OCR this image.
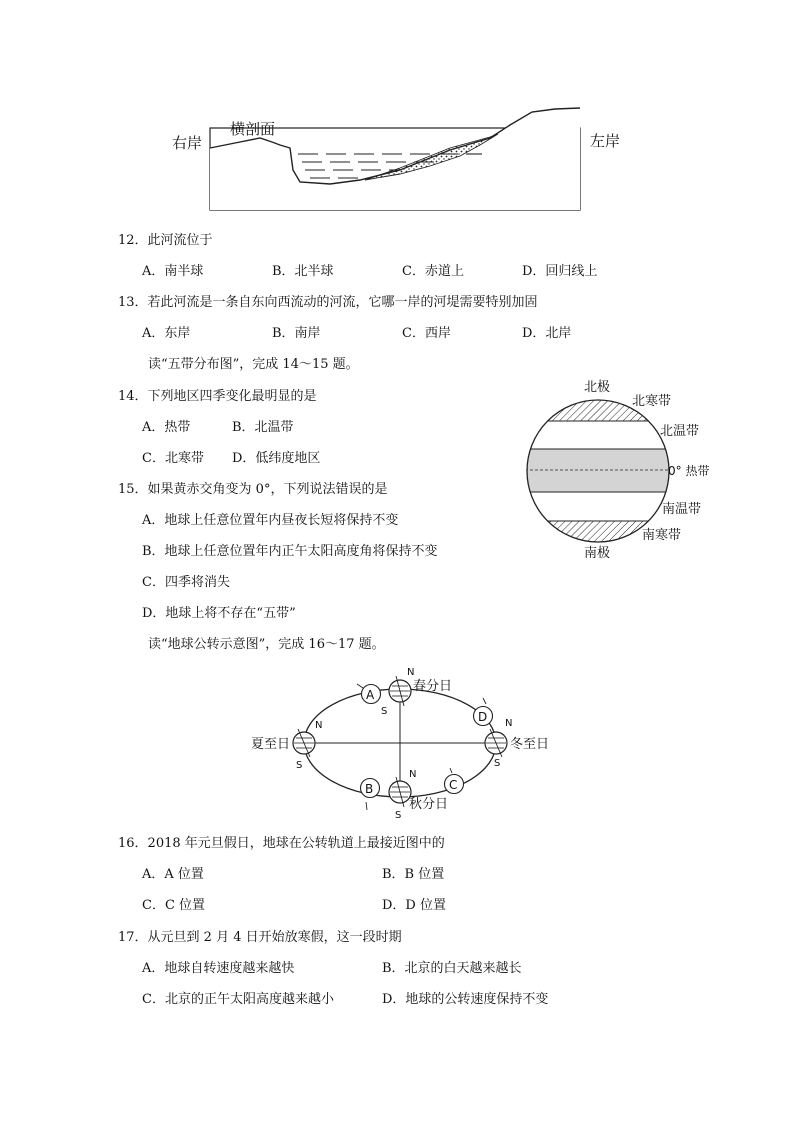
右岸
横剖面
左岸
12．此河流位于
A．南半球	B．北半球	C．赤道上	D．回归线上
13．若此河流是一条自东向西流动的河流，它哪一岸的河堤需要特别加固
A．东岸	B．南岸	C．西岸	D．北岸
读“五带分布图”，完成 14～15 题。
14．下列地区四季变化最明显的是
A．热带	B．北温带
C．北寒带 D．低纬度地区
北极
北寒带
北温带
0° 热带
南温带
南寒带
南极
15．如果黄赤交角变为 0°，下列说法错误的是
A．地球上任意位置年内昼夜长短将保持不变
B．地球上任意位置年内正午太阳高度角将保持不变
C．四季将消失
D．地球上将不存在“五带”
读“地球公转示意图”，完成 16～17 题。
A
D
C
B
N
S
春分日
N
S
夏至日
N
S
冬至日
N
S
秋分日
16．2018 年元旦假日，地球在公转轨道上最接近图中的
A．A 位置	B．B 位置
C．C 位置	D．D 位置
17．从元旦到 2 月 4 日开始放寒假，这一段时期
A．地球自转速度越来越快	B．北京的白天越来越长
C．北京的正午太阳高度越来越小	D．地球的公转速度保持不变
